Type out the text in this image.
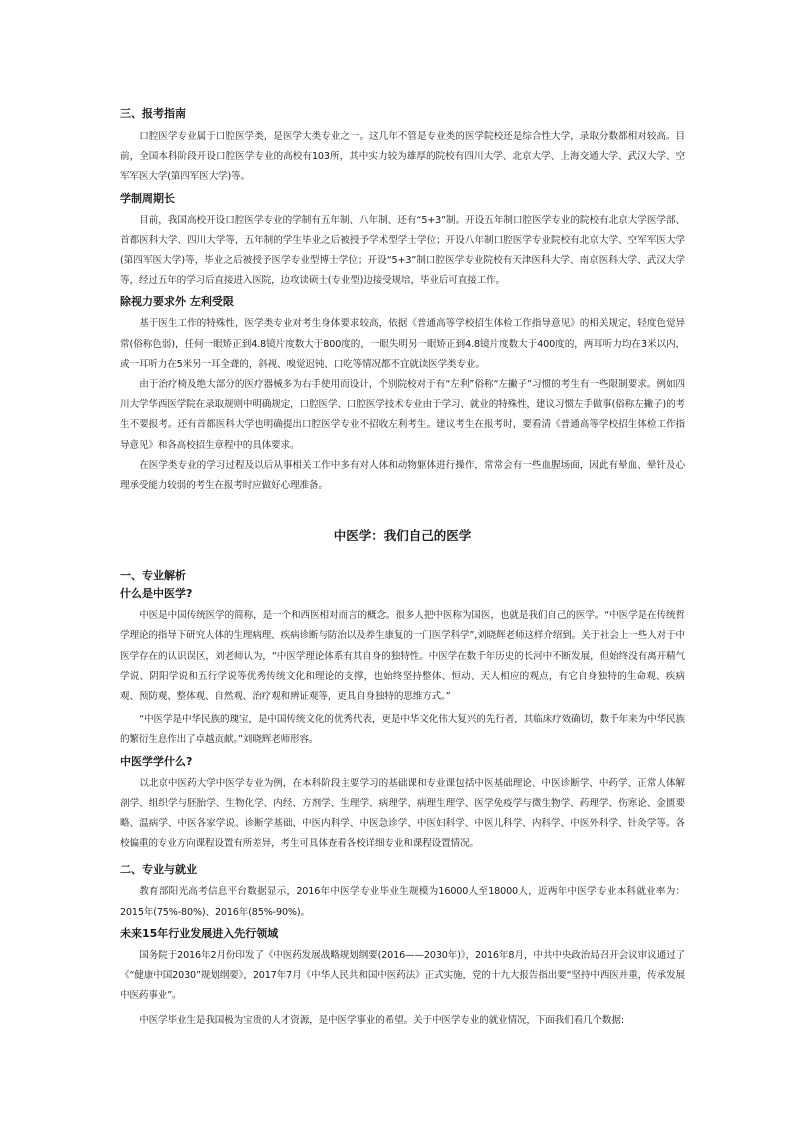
三、报考指南

口腔医学专业属于口腔医学类，是医学大类专业之一。这几年不管是专业类的医学院校还是综合性大学，录取分数都相对较高。目前，全国本科阶段开设口腔医学专业的高校有103所，其中实力较为雄厚的院校有四川大学、北京大学、上海交通大学、武汉大学、空军军医大学(第四军医大学)等。

学制周期长

目前，我国高校开设口腔医学专业的学制有五年制、八年制、还有“5+3”制。开设五年制口腔医学专业的院校有北京大学医学部、首都医科大学、四川大学等，五年制的学生毕业之后被授予学术型学士学位；开设八年制口腔医学专业院校有北京大学、空军军医大学(第四军医大学)等，毕业之后被授予医学专业型博士学位；开设“5+3”制口腔医学专业院校有天津医科大学、南京医科大学、武汉大学等，经过五年的学习后直接进入医院，边攻读硕士(专业型)边接受规培，毕业后可直接工作。

除视力要求外 左利受限

基于医生工作的特殊性，医学类专业对考生身体要求较高，依据《普通高等学校招生体检工作指导意见》的相关规定，轻度色觉异常(俗称色弱)，任何一眼矫正到4.8镜片度数大于800度的，一眼失明另一眼矫正到4.8镜片度数大于400度的，两耳听力均在3米以内，或一耳听力在5米另一耳全聋的，斜视、嗅觉迟钝、口吃等情况都不宜就读医学类专业。

由于治疗椅及绝大部分的医疗器械多为右手使用而设计，个别院校对于有“左利”俗称“左撇子”习惯的考生有一些限制要求。例如四川大学华西医学院在录取规则中明确规定，口腔医学、口腔医学技术专业由于学习、就业的特殊性，建议习惯左手做事(俗称左撇子)的考生不要报考。还有首都医科大学也明确提出口腔医学专业不招收左利考生。建议考生在报考时，要看清《普通高等学校招生体检工作指导意见》和各高校招生章程中的具体要求。

在医学类专业的学习过程及以后从事相关工作中多有对人体和动物躯体进行操作，常常会有一些血腥场面，因此有晕血、晕针及心理承受能力较弱的考生在报考时应做好心理准备。

中医学：我们自己的医学

一、专业解析

什么是中医学?

中医是中国传统医学的简称，是一个和西医相对而言的概念。很多人把中医称为国医，也就是我们自己的医学。“中医学是在传统哲学理论的指导下研究人体的生理病理、疾病诊断与防治以及养生康复的一门医学科学”,刘晓辉老师这样介绍到。关于社会上一些人对于中医学存在的认识误区，刘老师认为，“中医学理论体系有其自身的独特性。中医学在数千年历史的长河中不断发展，但始终没有离开精气学说、阴阳学说和五行学说等优秀传统文化和理论的支撑，也始终坚持整体、恒动、天人相应的观点，有它自身独特的生命观、疾病观、预防观、整体观、自然观、治疗观和辨证观等，更具自身独特的思维方式。”

“中医学是中华民族的瑰宝，是中国传统文化的优秀代表，更是中华文化伟大复兴的先行者，其临床疗效确切，数千年来为中华民族的繁衍生息作出了卓越贡献。”刘晓辉老师形容。

中医学学什么?

以北京中医药大学中医学专业为例，在本科阶段主要学习的基础课和专业课包括中医基础理论、中医诊断学、中药学、正常人体解剖学、组织学与胚胎学、生物化学、内经、方剂学、生理学、病理学、病理生理学、医学免疫学与微生物学、药理学、伤寒论、金匮要略、温病学、中医各家学说、诊断学基础、中医内科学、中医急诊学、中医妇科学、中医儿科学、内科学、中医外科学、针灸学等。各校偏重的专业方向课程设置有所差异，考生可具体查看各校详细专业和课程设置情况。

二、专业与就业

教育部阳光高考信息平台数据显示，2016年中医学专业毕业生规模为16000人至18000人，近两年中医学专业本科就业率为：2015年(75%-80%)、2016年(85%-90%)。

未来15年行业发展进入先行领域

国务院于2016年2月份印发了《中医药发展战略规划纲要(2016——2030年)》，2016年8月，中共中央政治局召开会议审议通过了《“健康中国2030”规划纲要》，2017年7月《中华人民共和国中医药法》正式实施，党的十九大报告指出要“坚持中西医并重，传承发展中医药事业”。

中医学毕业生是我国极为宝贵的人才资源，是中医学事业的希望。关于中医学专业的就业情况，下面我们看几个数据:
